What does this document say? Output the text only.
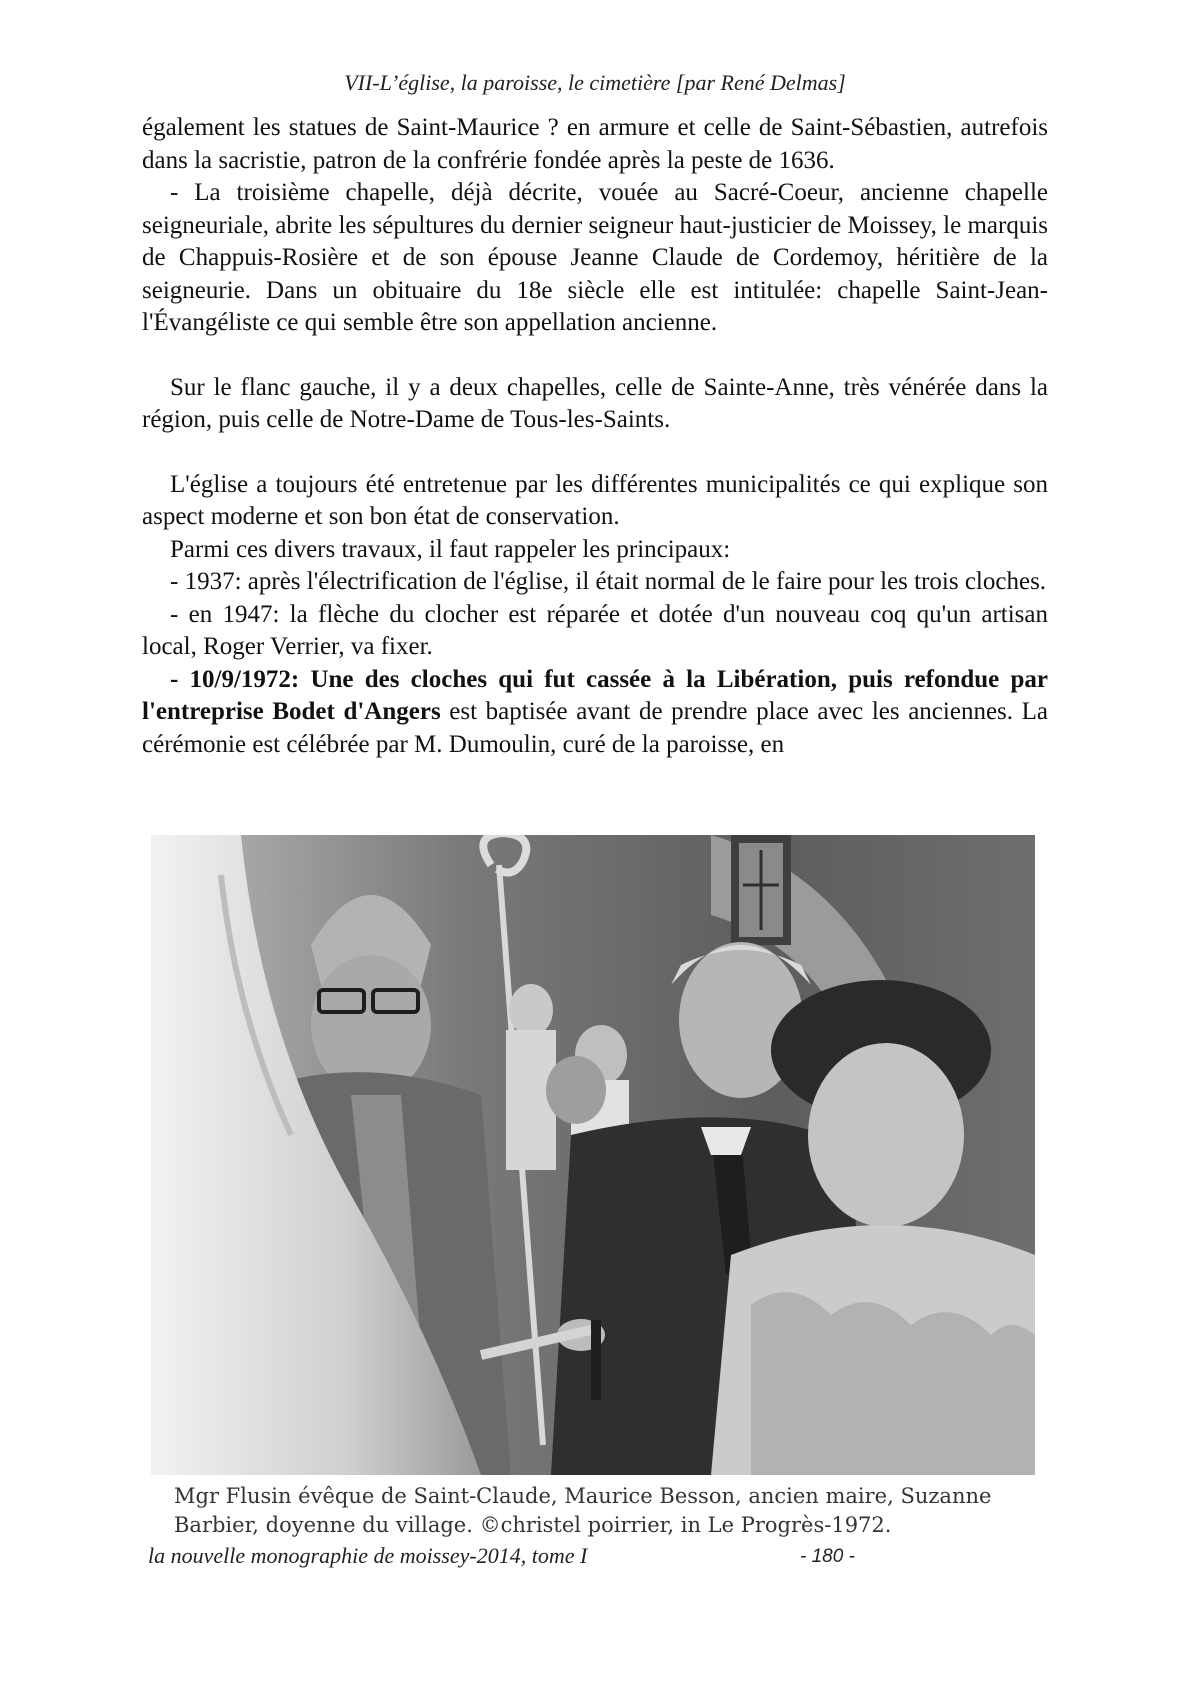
VII-L’église, la paroisse, le cimetière [par René Delmas]

également les statues de Saint-Maurice ? en armure et celle de Saint-Sébastien, autrefois dans la sacristie, patron de la confrérie fondée après la peste de 1636.

- La troisième chapelle, déjà décrite, vouée au Sacré-Coeur, ancienne chapelle seigneuriale, abrite les sépultures du dernier seigneur haut-justicier de Moissey, le marquis de Chappuis-Rosière et de son épouse Jeanne Claude de Cordemoy, héritière de la seigneurie. Dans un obituaire du 18e siècle elle est intitulée: chapelle Saint-Jean-l'Évangéliste ce qui semble être son appellation ancienne.

Sur le flanc gauche, il y a deux chapelles, celle de Sainte-Anne, très vénérée dans la région, puis celle de Notre-Dame de Tous-les-Saints.

L'église a toujours été entretenue par les différentes municipalités ce qui explique son aspect moderne et son bon état de conservation.

Parmi ces divers travaux, il faut rappeler les principaux:

- 1937: après l'électrification de l'église, il était normal de le faire pour les trois cloches.

- en 1947: la flèche du clocher est réparée et dotée d'un nouveau coq qu'un artisan local, Roger Verrier, va fixer.

- 10/9/1972: Une des cloches qui fut cassée à la Libération, puis refondue par l'entreprise Bodet d'Angers est baptisée avant de prendre place avec les anciennes. La cérémonie est célébrée par M. Dumoulin, curé de la paroisse, en

Mgr Flusin évêque de Saint-Claude, Maurice Besson, ancien maire, Suzanne
Barbier, doyenne du village. ©christel poirrier, in Le Progrès-1972.
la nouvelle monographie de moissey-2014, tome I	- 180 -
